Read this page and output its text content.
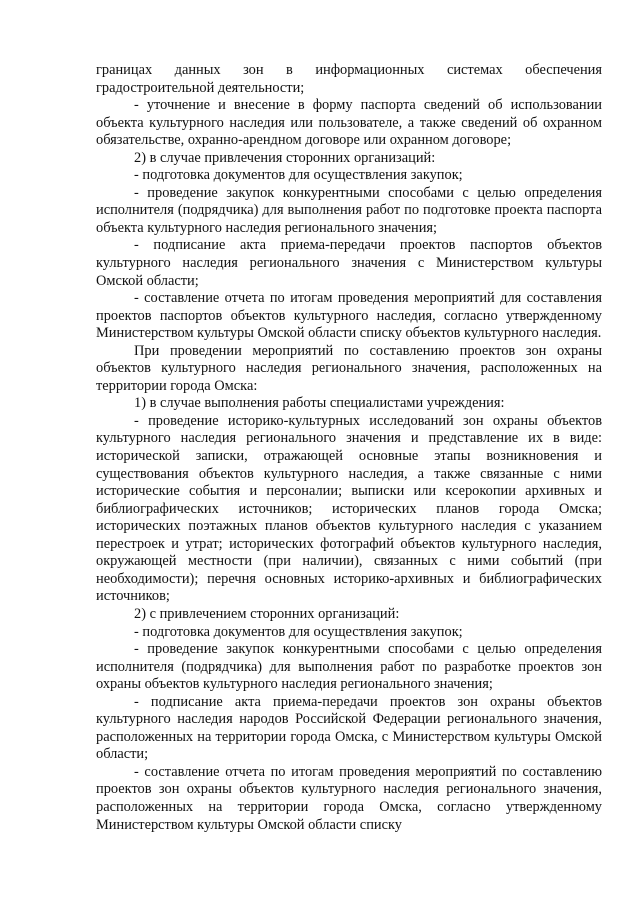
границах данных зон в информационных системах обеспечения градостроительной деятельности;

- уточнение и внесение в форму паспорта сведений об использовании объекта культурного наследия или пользователе, а также сведений об охранном обязательстве, охранно-арендном договоре или охранном договоре;

2) в случае привлечения сторонних организаций:

- подготовка документов для осуществления закупок;

- проведение закупок конкурентными способами с целью определения исполнителя (подрядчика) для выполнения работ по подготовке проекта паспорта объекта культурного наследия регионального значения;

- подписание акта приема-передачи проектов паспортов объектов культурного наследия регионального значения с Министерством культуры Омской области;

- составление отчета по итогам проведения мероприятий для составления проектов паспортов объектов культурного наследия, согласно утвержденному Министерством культуры Омской области списку объектов культурного наследия.

При проведении мероприятий по составлению проектов зон охраны объектов культурного наследия регионального значения, расположенных на территории города Омска:

1) в случае выполнения работы специалистами учреждения:

- проведение историко-культурных исследований зон охраны объектов культурного наследия регионального значения и представление их в виде: исторической записки, отражающей основные этапы возникновения и существования объектов культурного наследия, а также связанные с ними исторические события и персоналии; выписки или ксерокопии архивных и библиографических источников; исторических планов города Омска; исторических поэтажных планов объектов культурного наследия с указанием перестроек и утрат; исторических фотографий объектов культурного наследия, окружающей местности (при наличии), связанных с ними событий (при необходимости); перечня основных историко-архивных и библиографических источников;

2) с привлечением сторонних организаций:

- подготовка документов для осуществления закупок;

- проведение закупок конкурентными способами с целью определения исполнителя (подрядчика) для выполнения работ по разработке проектов зон охраны объектов культурного наследия регионального значения;

- подписание акта приема-передачи проектов зон охраны объектов культурного наследия народов Российской Федерации регионального значения, расположенных на территории города Омска, с Министерством культуры Омской области;

- составление отчета по итогам проведения мероприятий по составлению проектов зон охраны объектов культурного наследия регионального значения, расположенных на территории города Омска, согласно утвержденному Министерством культуры Омской области списку
